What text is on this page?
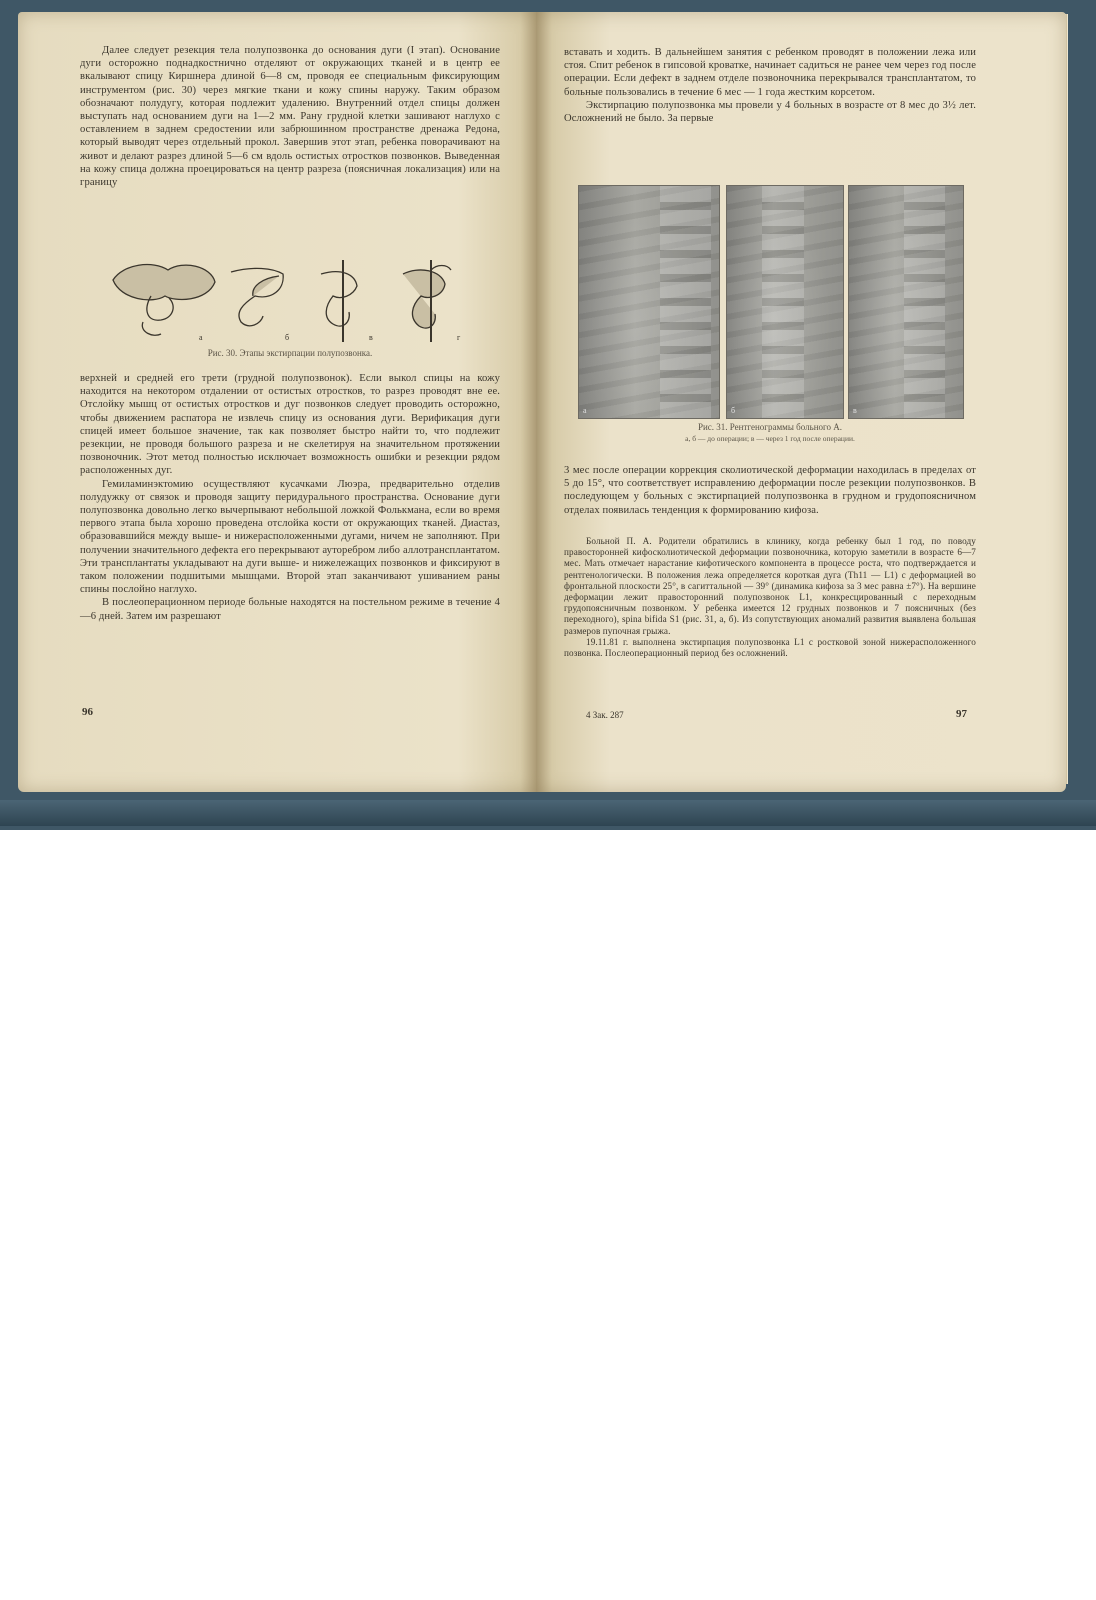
Далее следует резекция тела полупозвонка до основания дуги (I этап). Основание дуги осторожно поднадкостнично отделяют от окружающих тканей и в центр ее вкалывают спицу Киршнера длиной 6—8 см, проводя ее специальным фиксирующим инструментом (рис. 30) через мягкие ткани и кожу спины наружу. Таким образом обозначают полудугу, которая подлежит удалению. Внутренний отдел спицы должен выступать над основанием дуги на 1—2 мм. Рану грудной клетки зашивают наглухо с оставлением в заднем средостении или забрюшинном пространстве дренажа Редона, который выводят через отдельный прокол. Завершив этот этап, ребенка поворачивают на живот и делают разрез длиной 5—6 см вдоль остистых отростков позвонков. Выведенная на кожу спица должна проецироваться на центр разреза (поясничная локализация) или на границу

а	б	в	г
Рис. 30. Этапы экстирпации полупозвонка.

верхней и средней его трети (грудной полупозвонок). Если выкол спицы на кожу находится на некотором отдалении от остистых отростков, то разрез проводят вне ее. Отслойку мышц от остистых отростков и дуг позвонков следует проводить осторожно, чтобы движением распатора не извлечь спицу из основания дуги. Верификация дуги спицей имеет большое значение, так как позволяет быстро найти то, что подлежит резекции, не проводя большого разреза и не скелетируя на значительном протяжении позвоночник. Этот метод полностью исключает возможность ошибки и резекции рядом расположенных дуг.

Гемиламинэктомию осуществляют кусачками Люэра, предварительно отделив полудужку от связок и проводя защиту перидурального пространства. Основание дуги полупозвонка довольно легко вычерпывают небольшой ложкой Фолькмана, если во время первого этапа была хорошо проведена отслойка кости от окружающих тканей. Диастаз, образовавшийся между выше- и нижерасположенными дугами, ничем не заполняют. При получении значительного дефекта его перекрывают ауторебром либо аллотрансплантатом. Эти трансплантаты укладывают на дуги выше- и нижележащих позвонков и фиксируют в таком положении подшитыми мышцами. Второй этап заканчивают ушиванием раны спины послойно наглухо.

В послеоперационном периоде больные находятся на постельном режиме в течение 4—6 дней. Затем им разрешают

96

вставать и ходить. В дальнейшем занятия с ребенком проводят в положении лежа или стоя. Спит ребенок в гипсовой кроватке, начинает садиться не ранее чем через год после операции. Если дефект в заднем отделе позвоночника перекрывался трансплантатом, то больные пользовались в течение 6 мес — 1 года жестким корсетом.

Экстирпацию полупозвонка мы провели у 4 больных в возрасте от 8 мес до 3½ лет. Осложнений не было. За первые

а	б	в
Рис. 31. Рентгенограммы больного А.
а, б — до операции; в — через 1 год после операции.

3 мес после операции коррекция сколиотической деформации находилась в пределах от 5 до 15°, что соответствует исправлению деформации после резекции полупозвонков. В последующем у больных с экстирпацией полупозвонка в грудном и грудопоясничном отделах появилась тенденция к формированию кифоза.

Больной П. А. Родители обратились в клинику, когда ребенку был 1 год, по поводу правосторонней кифосколиотической деформации позвоночника, которую заметили в возрасте 6—7 мес. Мать отмечает нарастание кифотического компонента в процессе роста, что подтверждается и рентгенологически. В положения лежа определяется короткая дуга (Th11 — L1) с деформацией во фронтальной плоскости 25°, в сагиттальной — 39° (динамика кифоза за 3 мес равна ±7°). На вершине деформации лежит правосторонний полупозвонок L1, конкресцированный с переходным грудопоясничным позвонком. У ребенка имеется 12 грудных позвонков и 7 поясничных (без переходного), spina bifida S1 (рис. 31, а, б). Из сопутствующих аномалий развития выявлена большая размеров пупочная грыжа.

19.11.81 г. выполнена экстирпация полупозвонка L1 с ростковой зоной нижерасположенного позвонка. Послеоперационный период без осложнений.

4 Зак. 287	97
